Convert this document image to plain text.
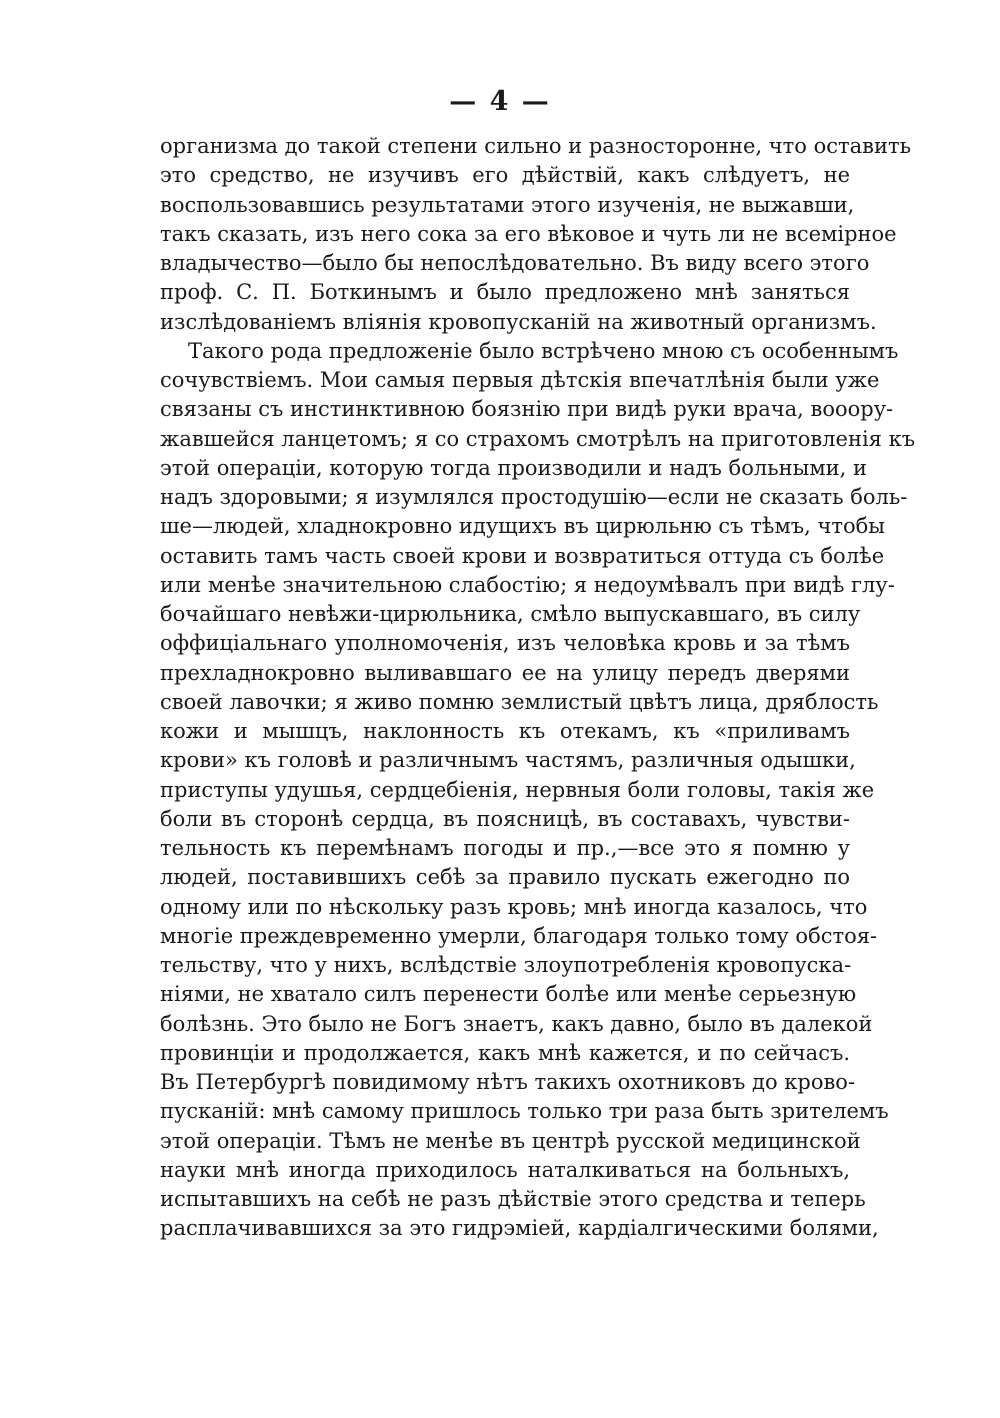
— 4 —
организма до такой степени сильно и разносторонне, что оставить
это средство, не изучивъ его дѣйствій, какъ слѣдуетъ, не
воспользовавшись результатами этого изученія, не выжавши,
такъ сказать, изъ него сока за его вѣковое и чуть ли не всемірное
владычество—было бы непослѣдовательно. Въ виду всего этого
проф. С. П. Боткинымъ и было предложено мнѣ заняться
изслѣдованіемъ вліянія кровопусканій на животный организмъ.
Такого рода предложеніе было встрѣчено мною съ особеннымъ
сочувствіемъ. Мои самыя первыя дѣтскія впечатлѣнія были уже
связаны съ инстинктивною боязнію при видѣ руки врача, вооору-
жавшейся ланцетомъ; я со страхомъ смотрѣлъ на приготовленія къ
этой операціи, которую тогда производили и надъ больными, и
надъ здоровыми; я изумлялся простодушію—если не сказать боль-
ше—людей, хладнокровно идущихъ въ цирюльню съ тѣмъ, чтобы
оставить тамъ часть своей крови и возвратиться оттуда съ болѣе
или менѣе значительною слабостію; я недоумѣвалъ при видѣ глу-
бочайшаго невѣжи-цирюльника, смѣло выпускавшаго, въ силу
оффиціальнаго уполномоченія, изъ человѣка кровь и за тѣмъ
прехладнокровно выливавшаго ее на улицу передъ дверями
своей лавочки; я живо помню землистый цвѣтъ лица, дряблость
кожи и мышцъ, наклонность къ отекамъ, къ «приливамъ
крови» къ головѣ и различнымъ частямъ, различныя одышки,
приступы удушья, сердцебіенія, нервныя боли головы, такія же
боли въ сторонѣ сердца, въ поясницѣ, въ составахъ, чувстви-
тельность къ перемѣнамъ погоды и пр.,—все это я помню у
людей, поставившихъ себѣ за правило пускать ежегодно по
одному или по нѣскольку разъ кровь; мнѣ иногда казалось, что
многіе преждевременно умерли, благодаря только тому обстоя-
тельству, что у нихъ, вслѣдствіе злоупотребленія кровопуска-
ніями, не хватало силъ перенести болѣе или менѣе серьезную
болѣзнь. Это было не Богъ знаетъ, какъ давно, было въ далекой
провинціи и продолжается, какъ мнѣ кажется, и по сейчасъ.
Въ Петербургѣ повидимому нѣтъ такихъ охотниковъ до крово-
пусканій: мнѣ самому пришлось только три раза быть зрителемъ
этой операціи. Тѣмъ не менѣе въ центрѣ русской медицинской
науки мнѣ иногда приходилось наталкиваться на больныхъ,
испытавшихъ на себѣ не разъ дѣйствіе этого средства и теперь
расплачивавшихся за это гидрэміей, кардіалгическими болями,
